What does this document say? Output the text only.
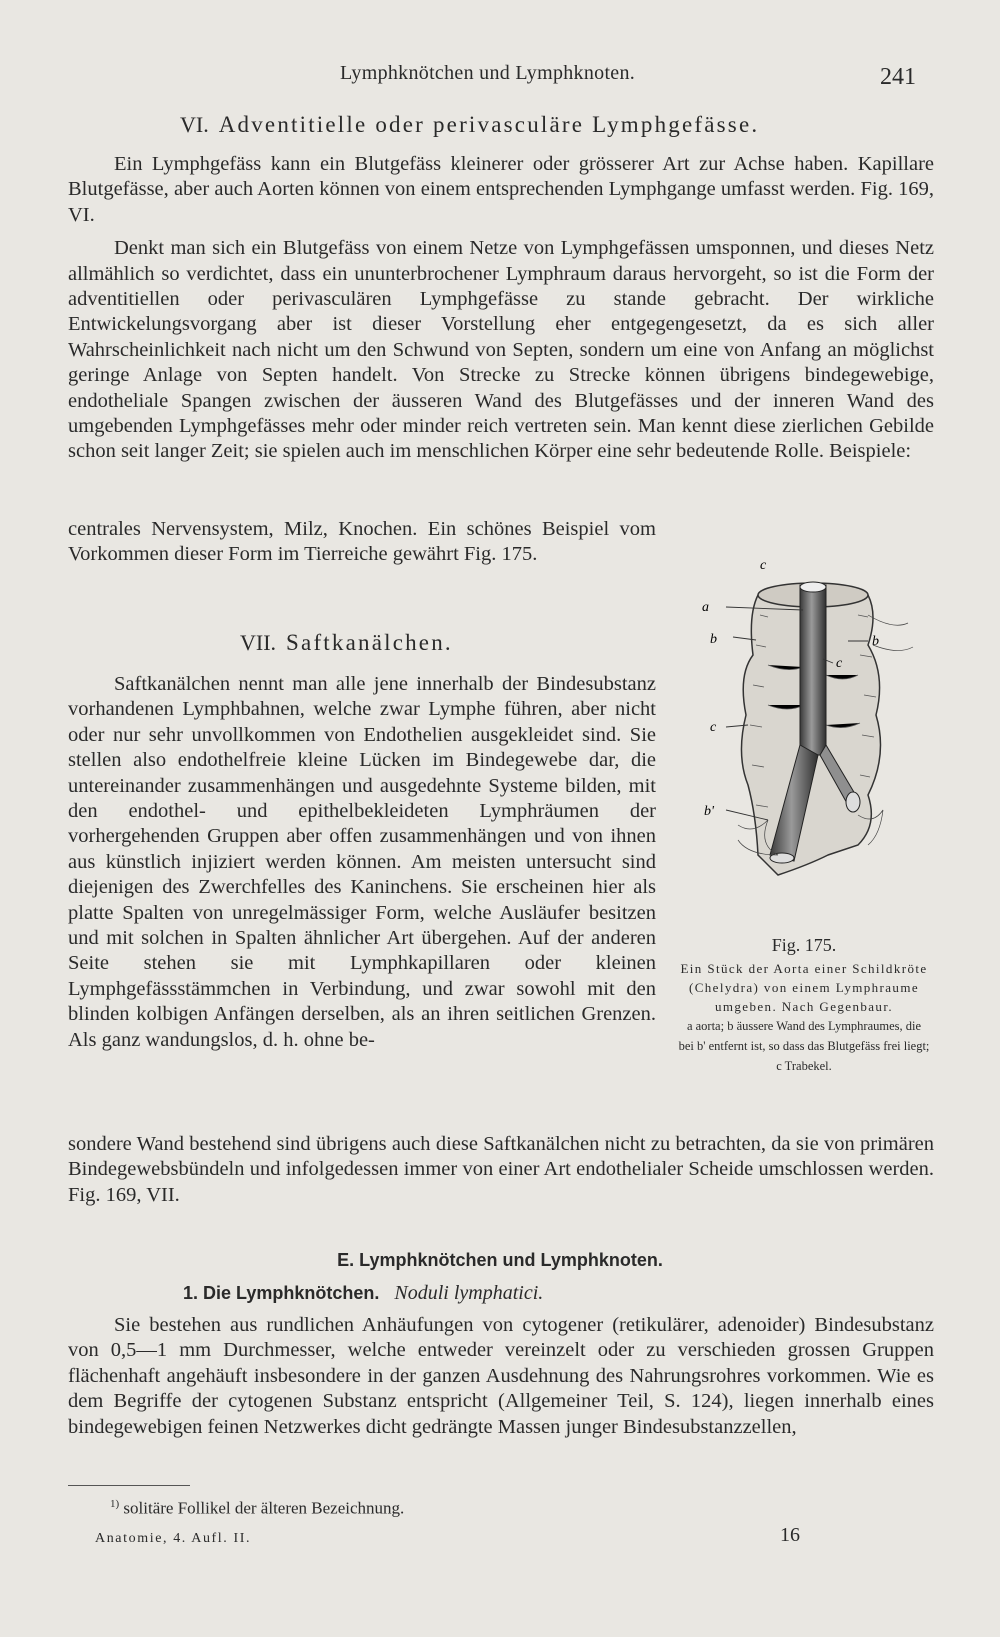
Lymphknötchen und Lymphknoten.	241
VI. Adventitielle oder perivasculäre Lymphgefässe.

Ein Lymphgefäss kann ein Blutgefäss kleinerer oder grösserer Art zur Achse haben. Kapillare Blutgefässe, aber auch Aorten können von einem entsprechenden Lymphgange umfasst werden. Fig. 169, VI.

Denkt man sich ein Blutgefäss von einem Netze von Lymphgefässen umsponnen, und dieses Netz allmählich so verdichtet, dass ein ununterbrochener Lymphraum daraus hervorgeht, so ist die Form der adventitiellen oder perivasculären Lymphgefässe zu stande gebracht. Der wirkliche Entwickelungsvorgang aber ist dieser Vorstellung eher entgegengesetzt, da es sich aller Wahrscheinlichkeit nach nicht um den Schwund von Septen, sondern um eine von Anfang an möglichst geringe Anlage von Septen handelt. Von Strecke zu Strecke können übrigens bindegewebige, endotheliale Spangen zwischen der äusseren Wand des Blutgefässes und der inneren Wand des umgebenden Lymphgefässes mehr oder minder reich vertreten sein. Man kennt diese zierlichen Gebilde schon seit langer Zeit; sie spielen auch im menschlichen Körper eine sehr bedeutende Rolle. Beispiele:

centrales Nervensystem, Milz, Knochen. Ein schönes Beispiel vom Vorkommen dieser Form im Tierreiche gewährt Fig. 175.

VII. Saftkanälchen.

Saftkanälchen nennt man alle jene innerhalb der Bindesubstanz vorhandenen Lymphbahnen, welche zwar Lymphe führen, aber nicht oder nur sehr unvollkommen von Endothelien ausgekleidet sind. Sie stellen also endothelfreie kleine Lücken im Bindegewebe dar, die untereinander zusammenhängen und ausgedehnte Systeme bilden, mit den endothel- und epithelbekleideten Lymphräumen der vorhergehenden Gruppen aber offen zusammenhängen und von ihnen aus künstlich injiziert werden können. Am meisten untersucht sind diejenigen des Zwerchfelles des Kaninchens. Sie erscheinen hier als platte Spalten von unregelmässiger Form, welche Ausläufer besitzen und mit solchen in Spalten ähnlicher Art übergehen. Auf der anderen Seite stehen sie mit Lymphkapillaren oder kleinen Lymphgefässstämmchen in Verbindung, und zwar sowohl mit den blinden kolbigen Anfängen derselben, als an ihren seitlichen Grenzen. Als ganz wandungslos, d. h. ohne be-

sondere Wand bestehend sind übrigens auch diese Saftkanälchen nicht zu betrachten, da sie von primären Bindegewebsbündeln und infolgedessen immer von einer Art endothelialer Scheide umschlossen werden. Fig. 169, VII.

c
a
b	b
c
c
b'
Fig. 175.
Ein Stück der Aorta einer Schildkröte (Chelydra) von einem Lymphraume umgeben. Nach Gegenbaur.
a aorta; b äussere Wand des Lymphraumes, die bei b' entfernt ist, so dass das Blutgefäss frei liegt; c Trabekel.
E. Lymphknötchen und Lymphknoten.
1. Die Lymphknötchen. Noduli lymphatici.

Sie bestehen aus rundlichen Anhäufungen von cytogener (retikulärer, adenoider) Bindesubstanz von 0,5—1 mm Durchmesser, welche entweder vereinzelt oder zu verschieden grossen Gruppen flächenhaft angehäuft insbesondere in der ganzen Ausdehnung des Nahrungsrohres vorkommen. Wie es dem Begriffe der cytogenen Substanz entspricht (Allgemeiner Teil, S. 124), liegen innerhalb eines bindegewebigen feinen Netzwerkes dicht gedrängte Massen junger Bindesubstanzzellen,

$^{1)}$ solitäre Follikel der älteren Bezeichnung.
Anatomie, 4. Aufl. II.	16
